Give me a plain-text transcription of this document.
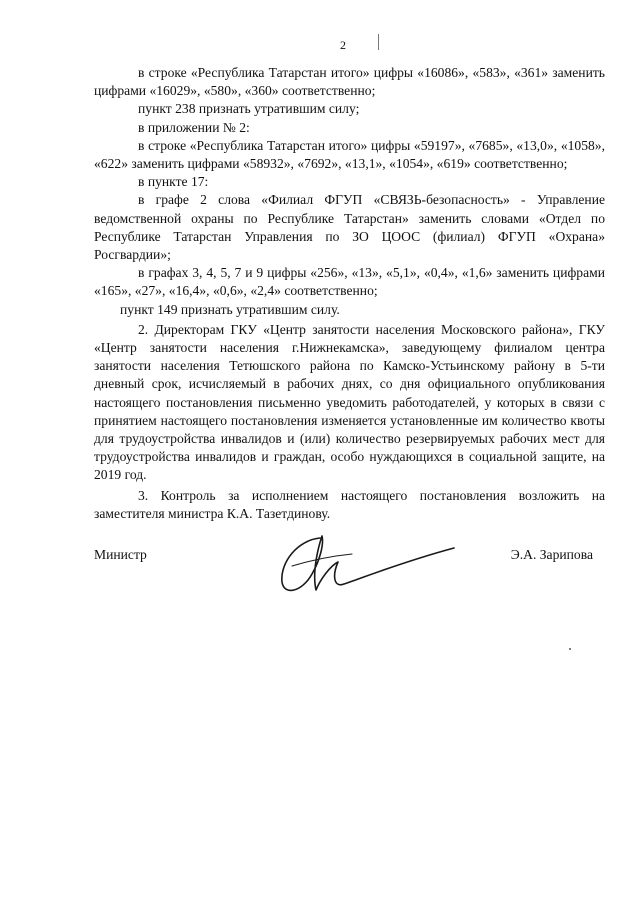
2

в строке «Республика Татарстан итого» цифры «16086», «583», «361» заменить цифрами «16029», «580», «360» соответственно;

пункт 238 признать утратившим силу;

в приложении № 2:

в строке «Республика Татарстан итого» цифры «59197», «7685», «13,0», «1058», «622» заменить цифрами «58932», «7692», «13,1», «1054», «619» соответственно;

в пункте 17:

в графе 2 слова «Филиал ФГУП «СВЯЗЬ-безопасность» - Управление ведомственной охраны по Республике Татарстан» заменить словами «Отдел по Республике Татарстан Управления по ЗО ЦООС (филиал) ФГУП «Охрана» Росгвардии»;

в графах 3, 4, 5, 7 и 9 цифры «256», «13», «5,1», «0,4», «1,6» заменить цифрами «165», «27», «16,4», «0,6», «2,4» соответственно;

пункт 149 признать утратившим силу.

2. Директорам ГКУ «Центр занятости населения Московского района», ГКУ «Центр занятости населения г.Нижнекамска», заведующему филиалом центра занятости населения Тетюшского района по Камско-Устьинскому району в 5-ти дневный срок, исчисляемый в рабочих днях, со дня официального опубликования настоящего постановления письменно уведомить работодателей, у которых в связи с принятием настоящего постановления изменяется установленные им количество квоты для трудоустройства инвалидов и (или) количество резервируемых рабочих мест для трудоустройства инвалидов и граждан, особо нуждающихся в социальной защите, на 2019 год.

3. Контроль за исполнением настоящего постановления возложить на заместителя министра К.А. Тазетдинову.

Министр	Э.А. Зарипова
